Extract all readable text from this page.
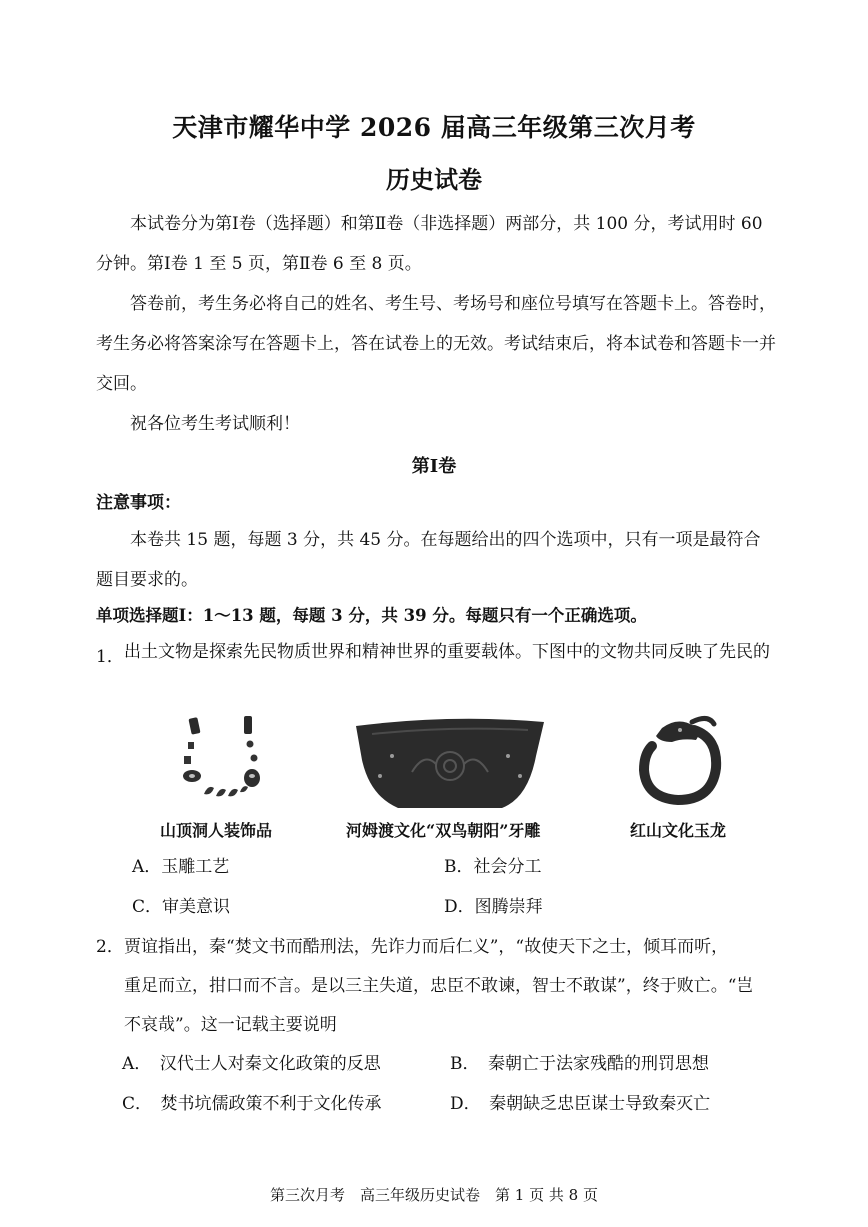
天津市耀华中学 2026 届高三年级第三次月考
历史试卷

本试卷分为第Ⅰ卷（选择题）和第Ⅱ卷（非选择题）两部分，共 100 分，考试用时 60 分钟。第Ⅰ卷 1 至 5 页，第Ⅱ卷 6 至 8 页。

答卷前，考生务必将自己的姓名、考生号、考场号和座位号填写在答题卡上。答卷时，考生务必将答案涂写在答题卡上，答在试卷上的无效。考试结束后，将本试卷和答题卡一并交回。

祝各位考生考试顺利！

第Ⅰ卷
注意事项：

本卷共 15 题，每题 3 分，共 45 分。在每题给出的四个选项中，只有一项是最符合题目要求的。

单项选择题Ⅰ：1～13 题，每题 3 分，共 39 分。每题只有一个正确选项。
1． 出土文物是探索先民物质世界和精神世界的重要载体。下图中的文物共同反映了先民的

山顶洞人装饰品	河姆渡文化“双鸟朝阳”牙雕	红山文化玉龙
A．玉雕工艺	B．社会分工
C．审美意识	D．图腾崇拜
2． 贾谊指出，秦“焚文书而酷刑法，先诈力而后仁义”，“故使天下之士，倾耳而听，
重足而立，拑口而不言。是以三主失道，忠臣不敢谏，智士不敢谋”，终于败亡。“岂
不哀哉”。这一记载主要说明
A．　汉代士人对秦文化政策的反思	B．　秦朝亡于法家残酷的刑罚思想
C．　焚书坑儒政策不利于文化传承	D．　秦朝缺乏忠臣谋士导致秦灭亡
第三次月考　高三年级历史试卷　第 1 页 共 8 页
